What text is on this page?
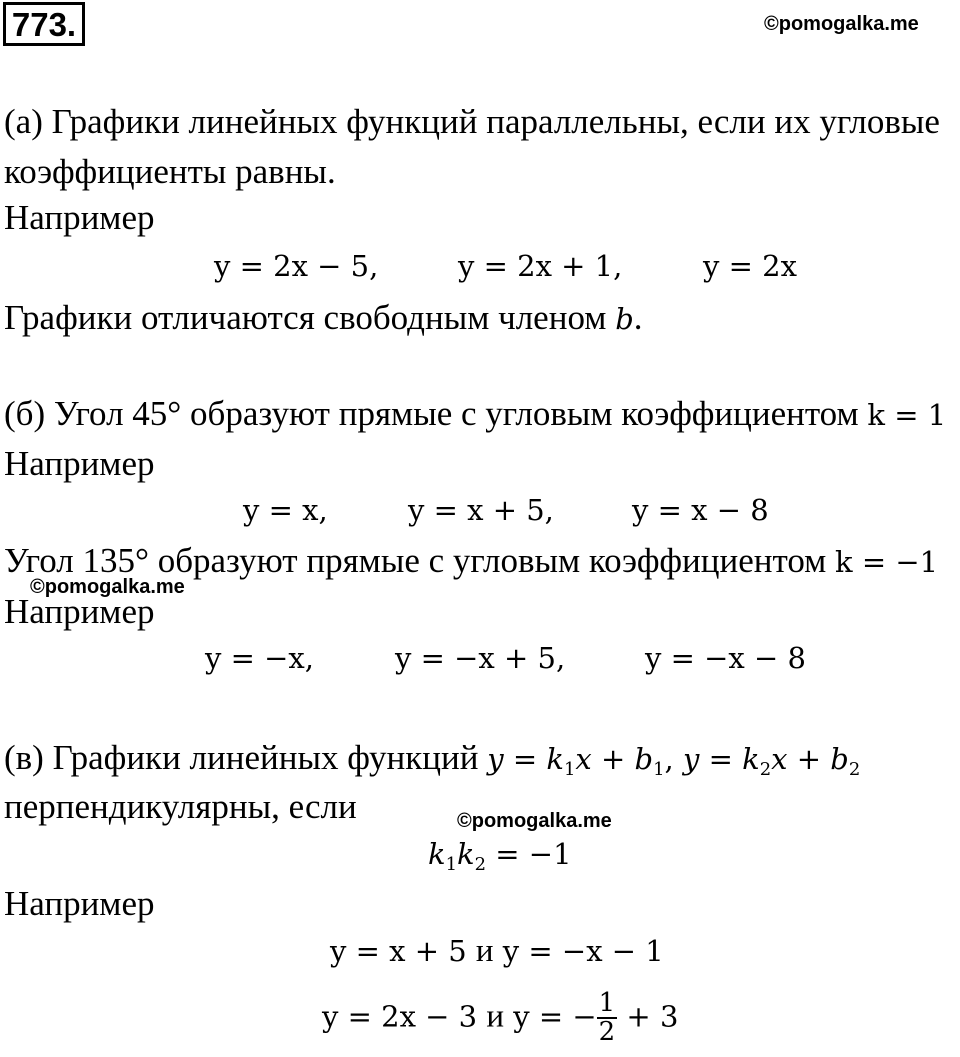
773.	©pomogalka.me
(а) Графики линейных функций параллельны, если их угловые
коэффициенты равны.
Например
y = 2x − 5,	y = 2x + 1,	y = 2x
Графики отличаются свободным членом b.
(б) Угол 45° образуют прямые с угловым коэффициентом k = 1
Например
y = x,	y = x + 5,	y = x − 8
Угол 135° образуют прямые с угловым коэффициентом k = −1
©pomogalka.me
Например
y = −x,	y = −x + 5,	y = −x − 8
(в) Графики линейных функций $y = k_1x + b_1$, $y = k_2x + b_2$
перпендикулярны, если	©pomogalka.me
$k_1k_2 = -1$
Например
y = x + 5 и y = −x − 1
y = 2x − 3 и y = − $\frac{1}{2} + 3$
